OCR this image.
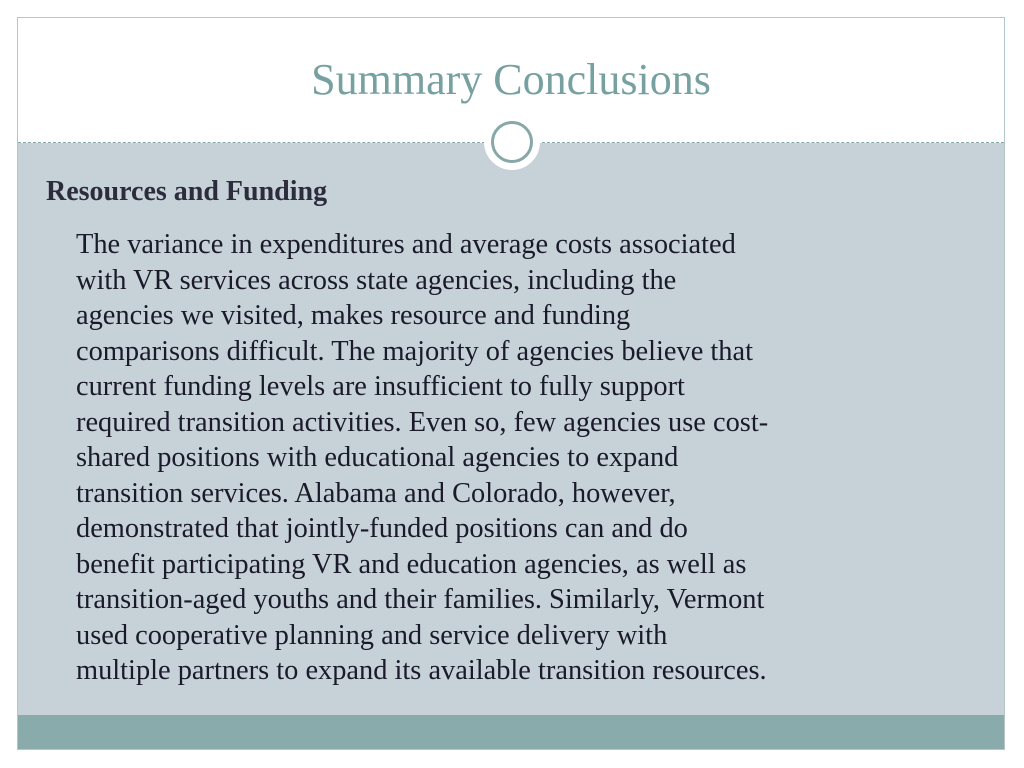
Summary Conclusions
Resources and Funding
The variance in expenditures and average costs associated
with VR services across state agencies, including the
agencies we visited, makes resource and funding
comparisons difficult. The majority of agencies believe that
current funding levels are insufficient to fully support
required transition activities. Even so, few agencies use cost-
shared positions with educational agencies to expand
transition services. Alabama and Colorado, however,
demonstrated that jointly-funded positions can and do
benefit participating VR and education agencies, as well as
transition-aged youths and their families. Similarly, Vermont
used cooperative planning and service delivery with
multiple partners to expand its available transition resources.
